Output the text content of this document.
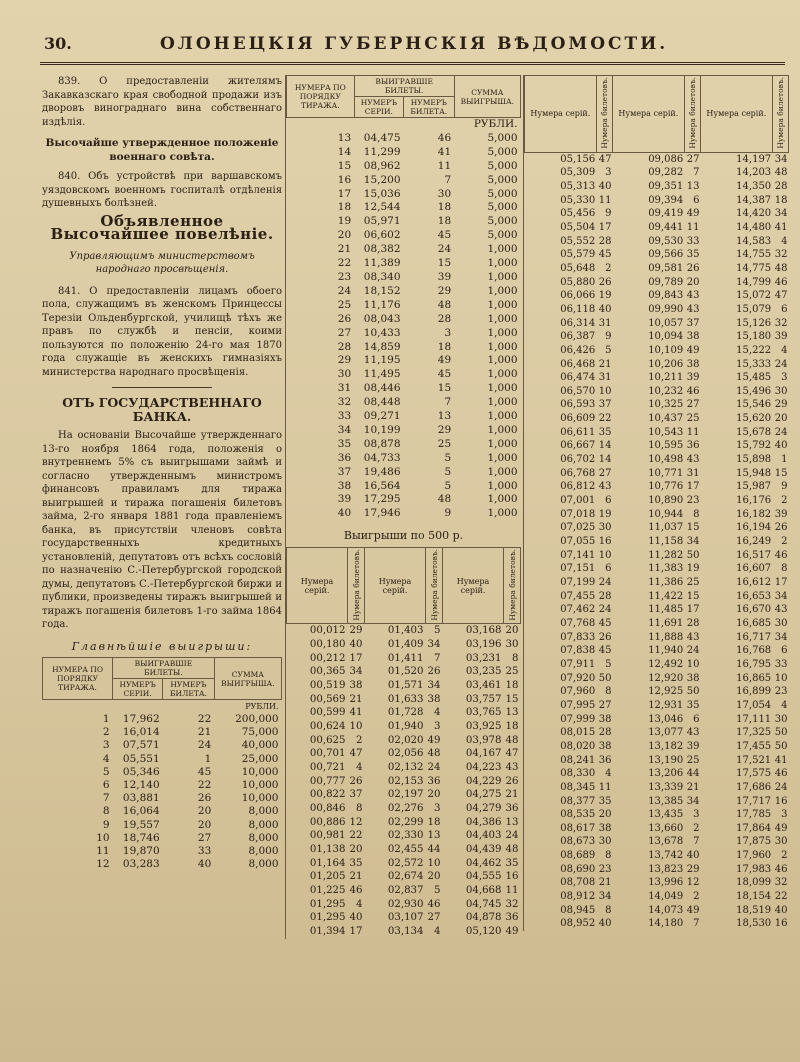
30.	ОЛОНЕЦКІЯ ГУБЕРНСКІЯ ВѢДОМОСТИ.

839. О предоставленіи жителямъ Закавказскаго края свободной продажи изъ двоpовъ винограднаго вина собственнаго издѣлія.

Высочайше утвержденное положеніе военнаго совѣта.

840. Объ устройствѣ при варшавскомъ уяздовскомъ военномъ госпиталѣ отдѣленія душевныхъ болѣзней.

Объявленное Высочайшее повелѣніе.

Управляющимъ министерствомъ народнаго просвѣщенія.

841. О предоставленіи лицамъ обоего пола, служащимъ въ женскомъ Принцессы Терезіи Ольденбургской, училищѣ тѣхъ же правъ по службѣ и пенсіи, коими пользуются по положенію 24-го мая 1870 года служащіе въ женскихъ гимназіяхъ министерства народнаго просвѣщенія.

ОТЪ ГОСУДАРСТВЕННАГО БАНКА.

На основаніи Высочайше утвержденнаго 13-го ноября 1864 года, положенія о внутреннемъ 5% съ выигрышами займѣ и согласно утвержденнымъ министромъ финансовъ правиламъ для тиража выигрышей и тиража погашенія билетовъ займа, 2-го января 1881 года правленіемъ банка, въ присутствіи членовъ совѣта государственныхъ кредитныхъ установленій, депутатовъ отъ всѣхъ сословій по назначенію С.-Петербургской городской думы, депутатовъ С.-Петербургской биржи и публики, произведены тиражъ выигрышей и тиражъ погашенія билетовъ 1-го займа 1864 года.

Главнѣйшіе выигрыши:

НУМЕРА ПО ПОРЯДКУ ТИРАЖА.	ВЫИГРАВШІЕ БИЛЕТЫ.		СУММА ВЫИГРЫША.
	НУМЕРЪ СЕРІИ.	НУМЕРЪ БИЛЕТА.	
			РУБЛИ.
1	17,962	22	200,000
2	16,014	21	75,000
3	07,571	24	40,000
4	05,551	1	25,000
5	05,346	45	10,000
6	12,140	22	10,000
7	03,881	26	10,000
8	16,064	20	8,000
9	19,557	20	8,000
10	18,746	27	8,000
11	19,870	33	8,000
12	03,283	40	8,000
НУМЕРА ПО ПОРЯДКУ ТИРАЖА.	ВЫИГРАВШІЕ БИЛЕТЫ.		СУММА ВЫИГРЫША.
	НУМЕРЪ СЕРІИ.	НУМЕРЪ БИЛЕТА.	
			РУБЛИ.
13	04,475	46	5,000
14	11,299	41	5,000
15	08,962	11	5,000
16	15,200	7	5,000
17	15,036	30	5,000
18	12,544	18	5,000
19	05,971	18	5,000
20	06,602	45	5,000
21	08,382	24	1,000
22	11,389	15	1,000
23	08,340	39	1,000
24	18,152	29	1,000
25	11,176	48	1,000
26	08,043	28	1,000
27	10,433	3	1,000
28	14,859	18	1,000
29	11,195	49	1,000
30	11,495	45	1,000
31	08,446	15	1,000
32	08,448	7	1,000
33	09,271	13	1,000
34	10,199	29	1,000
35	08,878	25	1,000
36	04,733	5	1,000
37	19,486	5	1,000
38	16,564	5	1,000
39	17,295	48	1,000
40	17,946	9	1,000

Выигрыши по 500 р.

Нумера серій.	Нумера билетовъ.	Нумера серій.	Нумера билетовъ.	Нумера серій.	Нумера билетовъ.
00,012	29	01,403	5	03,168	20
00,180	40	01,409	34	03,196	30
00,212	17	01,411	7	03,231	8
00,365	34	01,520	26	03,235	25
00,519	38	01,571	34	03,461	18
00,569	21	01,633	38	03,757	15
00,599	41	01,728	4	03,765	13
00,624	10	01,940	3	03,925	18
00,625	2	02,020	49	03,978	48
00,701	47	02,056	48	04,167	47
00,721	4	02,132	24	04,223	43
00,777	26	02,153	36	04,229	26
00,822	37	02,197	20	04,275	21
00,846	8	02,276	3	04,279	36
00,886	12	02,299	18	04,386	13
00,981	22	02,330	13	04,403	24
01,138	20	02,455	44	04,439	48
01,164	35	02,572	10	04,462	35
01,205	21	02,674	20	04,555	16
01,225	46	02,837	5	04,668	11
01,295	4	02,930	46	04,745	32
01,295	40	03,107	27	04,878	36
01,394	17	03,134	4	05,120	49
Нумера серій.	Нумера билетовъ.	Нумера серій.	Нумера билетовъ.	Нумера серій.	Нумера билетовъ.
05,156	47	09,086	27	14,197	34
05,309	3	09,282	7	14,203	48
05,313	40	09,351	13	14,350	28
05,330	11	09,394	6	14,387	18
05,456	9	09,419	49	14,420	34
05,504	17	09,441	11	14,480	41
05,552	28	09,530	33	14,583	4
05,579	45	09,566	35	14,755	32
05,648	2	09,581	26	14,775	48
05,880	26	09,789	20	14,799	46
06,066	19	09,843	43	15,072	47
06,118	40	09,990	43	15,079	6
06,314	31	10,057	37	15,126	32
06,387	9	10,094	38	15,180	39
06,426	5	10,109	49	15,222	4
06,468	21	10,206	38	15,333	24
06,474	31	10,211	39	15,485	3
06,570	10	10,232	46	15,496	30
06,593	37	10,325	27	15,546	29
06,609	22	10,437	25	15,620	20
06,611	35	10,543	11	15,678	24
06,667	14	10,595	36	15,792	40
06,702	14	10,498	43	15,898	1
06,768	27	10,771	31	15,948	15
06,812	43	10,776	17	15,987	9
07,001	6	10,890	23	16,176	2
07,018	19	10,944	8	16,182	39
07,025	30	11,037	15	16,194	26
07,055	16	11,158	34	16,249	2
07,141	10	11,282	50	16,517	46
07,151	6	11,383	19	16,607	8
07,199	24	11,386	25	16,612	17
07,455	28	11,422	15	16,653	34
07,462	24	11,485	17	16,670	43
07,768	45	11,691	28	16,685	30
07,833	26	11,888	43	16,717	34
07,838	45	11,940	24	16,768	6
07,911	5	12,492	10	16,795	33
07,920	50	12,920	38	16,865	10
07,960	8	12,925	50	16,899	23
07,995	27	12,931	35	17,054	4
07,999	38	13,046	6	17,111	30
08,015	28	13,077	43	17,325	50
08,020	38	13,182	39	17,455	50
08,241	36	13,190	25	17,521	41
08,330	4	13,206	44	17,575	46
08,345	11	13,339	21	17,686	24
08,377	35	13,385	34	17,717	16
08,535	20	13,435	3	17,785	3
08,617	38	13,660	2	17,864	49
08,673	30	13,678	7	17,875	30
08,689	8	13,742	40	17,960	2
08,690	23	13,823	29	17,983	46
08,708	21	13,996	12	18,099	32
08,912	34	14,049	2	18,154	22
08,945	8	14,073	49	18,519	40
08,952	40	14,180	7	18,530	16
